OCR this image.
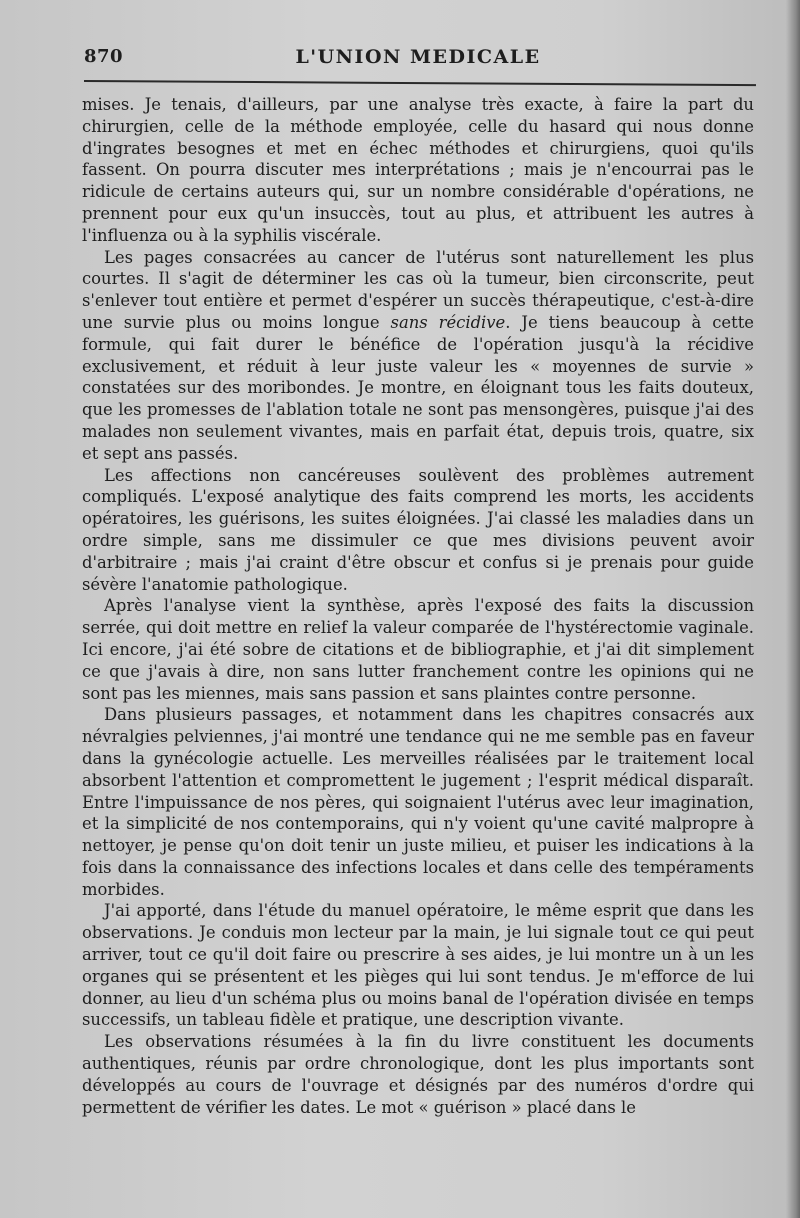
870	L'UNION MEDICALE

mises. Je tenais, d'ailleurs, par une analyse très exacte, à faire la part du chirurgien, celle de la méthode employée, celle du hasard qui nous donne d'ingrates besognes et met en échec méthodes et chirurgiens, quoi qu'ils fassent. On pourra discuter mes interprétations ; mais je n'encourrai pas le ridicule de certains auteurs qui, sur un nombre considérable d'opérations, ne prennent pour eux qu'un insuccès, tout au plus, et attribuent les autres à l'influenza ou à la syphilis viscérale.

Les pages consacrées au cancer de l'utérus sont naturellement les plus courtes. Il s'agit de déterminer les cas où la tumeur, bien circonscrite, peut s'enlever tout entière et permet d'espérer un succès thérapeutique, c'est-à-dire une survie plus ou moins longue sans récidive. Je tiens beaucoup à cette formule, qui fait durer le bénéfice de l'opération jusqu'à la récidive exclusivement, et réduit à leur juste valeur les « moyennes de survie » constatées sur des moribondes. Je montre, en éloignant tous les faits douteux, que les promesses de l'ablation totale ne sont pas mensongères, puisque j'ai des malades non seulement vivantes, mais en parfait état, depuis trois, quatre, six et sept ans passés.

Les affections non cancéreuses soulèvent des problèmes autrement compliqués. L'exposé analytique des faits comprend les morts, les accidents opératoires, les guérisons, les suites éloignées. J'ai classé les maladies dans un ordre simple, sans me dissimuler ce que mes divisions peuvent avoir d'arbitraire ; mais j'ai craint d'être obscur et confus si je prenais pour guide sévère l'anatomie pathologique.

Après l'analyse vient la synthèse, après l'exposé des faits la discussion serrée, qui doit mettre en relief la valeur comparée de l'hystérectomie vaginale. Ici encore, j'ai été sobre de citations et de bibliographie, et j'ai dit simplement ce que j'avais à dire, non sans lutter franchement contre les opinions qui ne sont pas les miennes, mais sans passion et sans plaintes contre personne.

Dans plusieurs passages, et notamment dans les chapitres consacrés aux névralgies pelviennes, j'ai montré une tendance qui ne me semble pas en faveur dans la gynécologie actuelle. Les merveilles réalisées par le traitement local absorbent l'attention et compromettent le jugement ; l'esprit médical disparaît. Entre l'impuissance de nos pères, qui soignaient l'utérus avec leur imagination, et la simplicité de nos contemporains, qui n'y voient qu'une cavité malpropre à nettoyer, je pense qu'on doit tenir un juste milieu, et puiser les indications à la fois dans la connaissance des infections locales et dans celle des tempéraments morbides.

J'ai apporté, dans l'étude du manuel opératoire, le même esprit que dans les observations. Je conduis mon lecteur par la main, je lui signale tout ce qui peut arriver, tout ce qu'il doit faire ou prescrire à ses aides, je lui montre un à un les organes qui se présentent et les pièges qui lui sont tendus. Je m'efforce de lui donner, au lieu d'un schéma plus ou moins banal de l'opération divisée en temps successifs, un tableau fidèle et pratique, une description vivante.

Les observations résumées à la fin du livre constituent les documents authentiques, réunis par ordre chronologique, dont les plus importants sont développés au cours de l'ouvrage et désignés par des numéros d'ordre qui permettent de vérifier les dates. Le mot « guérison » placé dans le
